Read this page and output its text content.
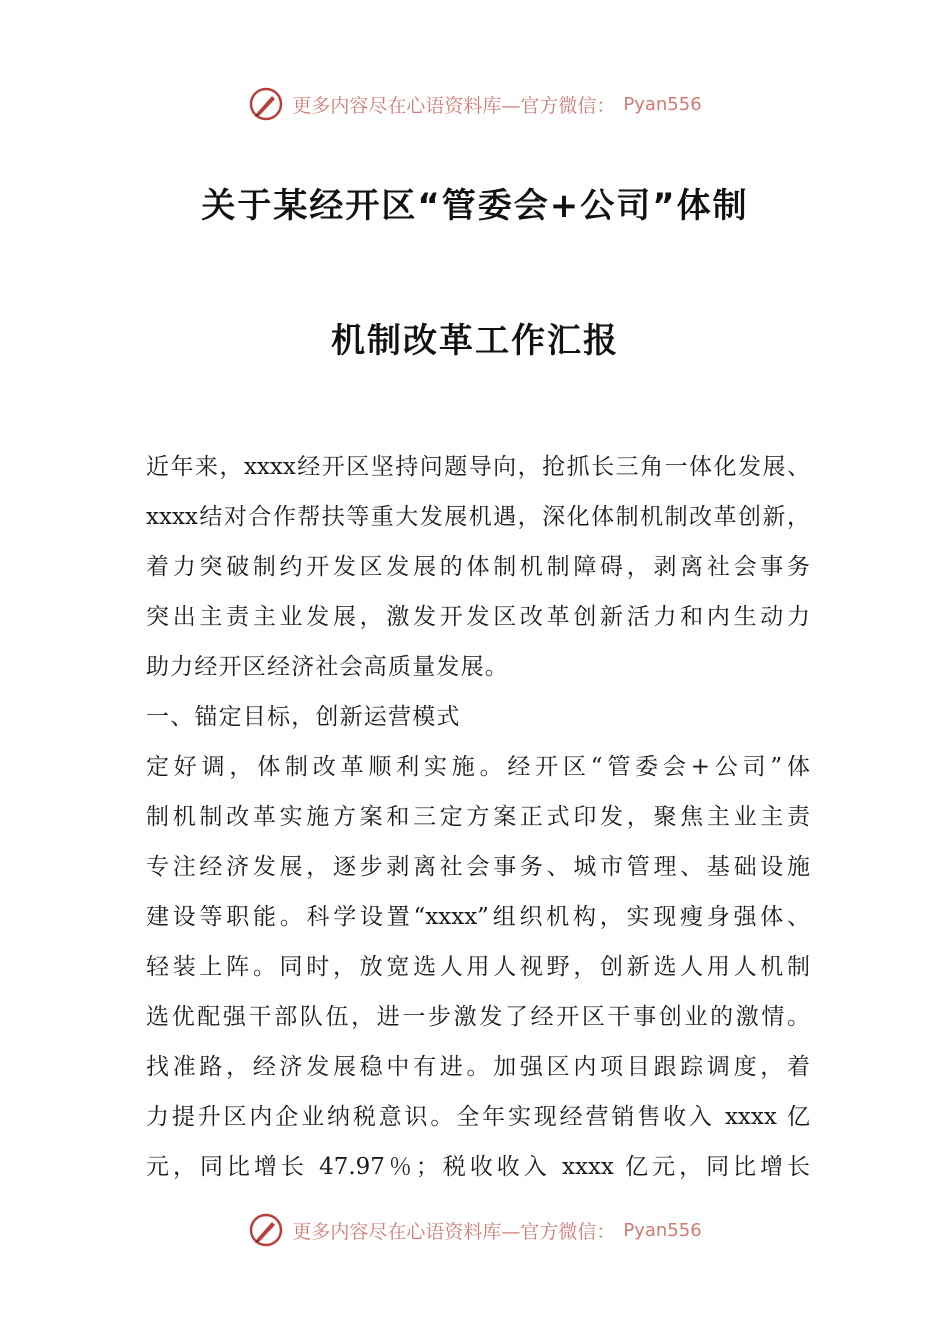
更多内容尽在心语资料库—官方微信： Pyan556
关于某经开区“管委会+公司”体制
机制改革工作汇报
近年来，xxxx经开区坚持问题导向，抢抓长三角一体化发展、
xxxx结对合作帮扶等重大发展机遇，深化体制机制改革创新，
着力突破制约开发区发展的体制机制障碍，剥离社会事务
突出主责主业发展，激发开发区改革创新活力和内生动力
助力经开区经济社会高质量发展。
一、锚定目标，创新运营模式
定好调，体制改革顺利实施。经开区“管委会+公司”体
制机制改革实施方案和三定方案正式印发，聚焦主业主责
专注经济发展，逐步剥离社会事务、城市管理、基础设施
建设等职能。科学设置“xxxx”组织机构，实现瘦身强体、
轻装上阵。同时，放宽选人用人视野，创新选人用人机制
选优配强干部队伍，进一步激发了经开区干事创业的激情。
找准路，经济发展稳中有进。加强区内项目跟踪调度，着
力提升区内企业纳税意识。全年实现经营销售收入 xxxx 亿
元，同比增长 47.97％；税收收入 xxxx 亿元，同比增长
更多内容尽在心语资料库—官方微信： Pyan556
